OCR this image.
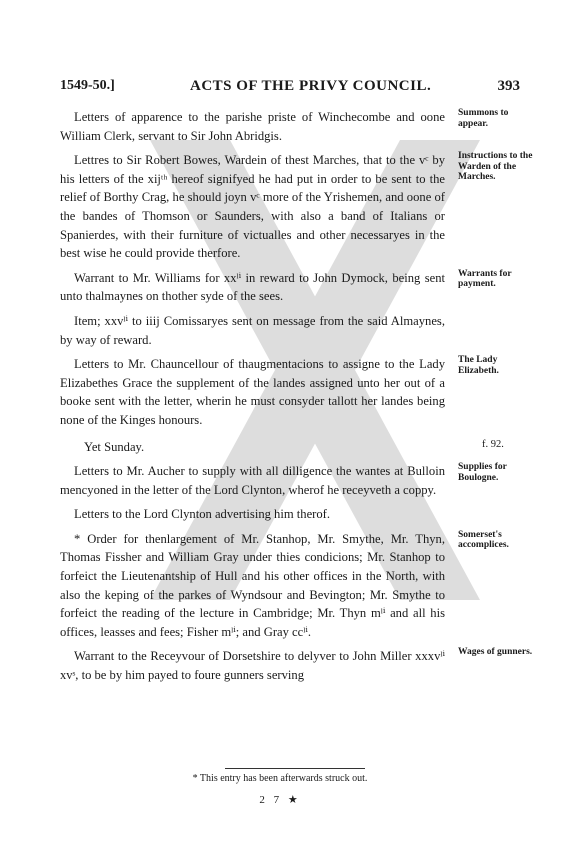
1549-50.]	ACTS OF THE PRIVY COUNCIL.	393

Letters of apparence to the parishe priste of Winchecombe and oone William Clerk, servant to Sir John Abridgis.
Summons to appear.

Lettres to Sir Robert Bowes, Wardein of thest Marches, that to the vᶜ by his letters of the xijᵗʰ hereof signifyed he had put in order to be sent to the relief of Borthy Crag, he should joyn vᶜ more of the Yrishemen, and oone of the bandes of Thomson or Saunders, with also a band of Italians or Spanierdes, with their furniture of victualles and other necessaryes in the best wise he could provide therfore.
Instructions to the Warden of the Marches.

Warrant to Mr. Williams for xxˡⁱ in reward to John Dymock, being sent unto thalmaynes on thother syde of the sees.
Warrants for payment.

Item; xxvˡⁱ to iiij Comissaryes sent on message from the said Almaynes, by way of reward.

Letters to Mr. Chauncellour of thaugmentacions to assigne to the Lady Elizabethes Grace the supplement of the landes assigned unto her out of a booke sent with the letter, wherin he must consyder tallott her landes being none of the Kinges honours.
The Lady Elizabeth.

Yet Sunday.	f. 92.

Letters to Mr. Aucher to supply with all dilligence the wantes at Bulloin mencyoned in the letter of the Lord Clynton, wherof he receyveth a coppy.
Supplies for Boulogne.

Letters to the Lord Clynton advertising him therof.

* Order for thenlargement of Mr. Stanhop, Mr. Smythe, Mr. Thyn, Thomas Fissher and William Gray under thies condicions; Mr. Stanhop to forfeict the Lieutenantship of Hull and his other offices in the North, with also the keping of the parkes of Wyndsour and Bevington; Mr. Smythe to forfeict the reading of the lecture in Cambridge; Mr. Thyn mˡⁱ and all his offices, leasses and fees; Fisher mˡⁱ; and Gray ccˡⁱ.
Somerset's accomplices.

Warrant to the Receyvour of Dorsetshire to delyver to John Miller xxxvˡⁱ xvˢ, to be by him payed to foure gunners serving
Wages of gunners.

* This entry has been afterwards struck out.
2 7 ★
